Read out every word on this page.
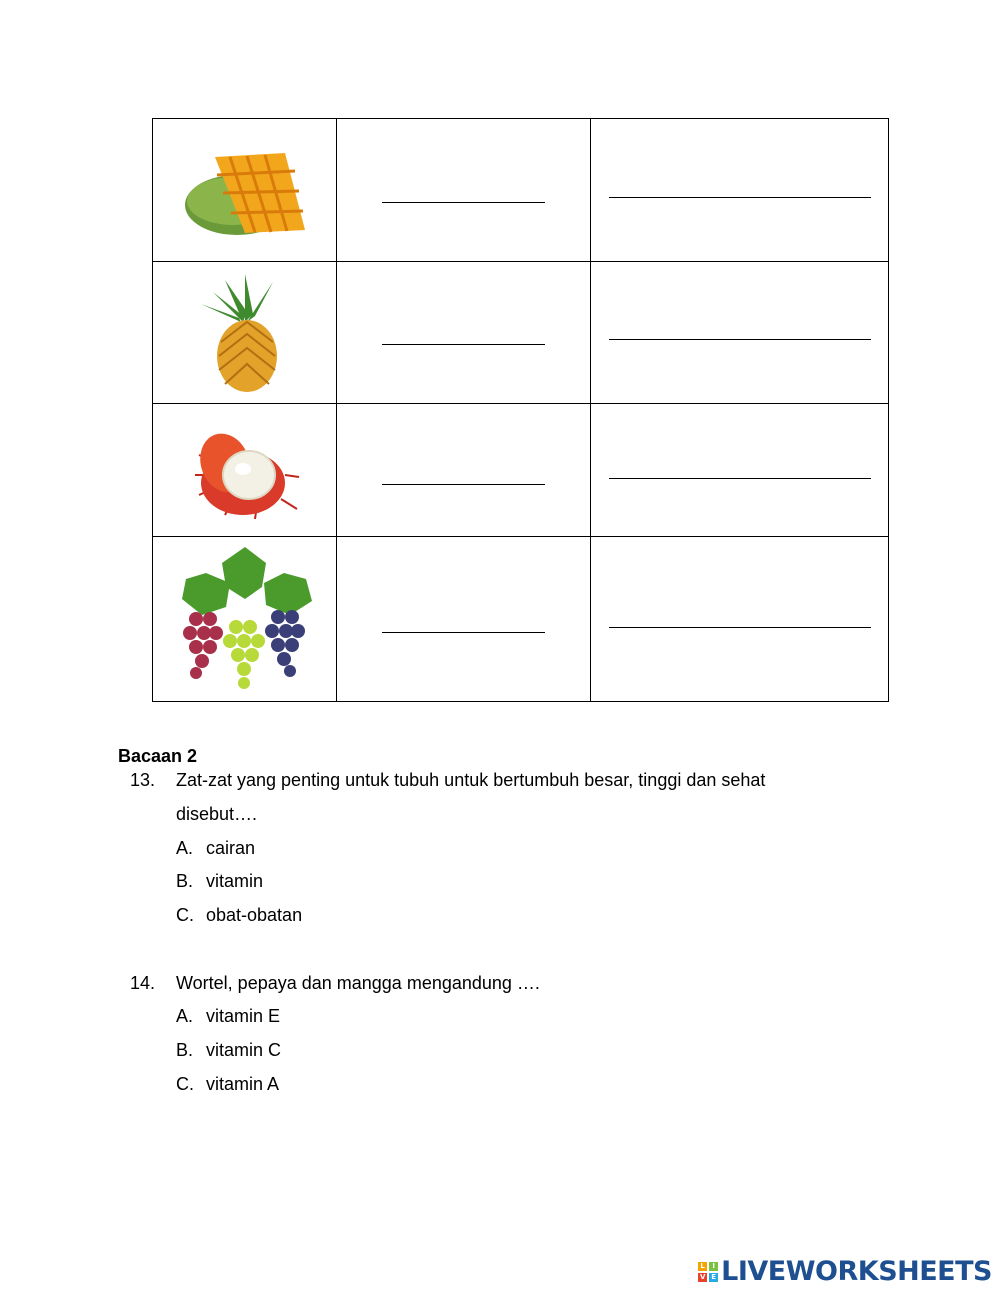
Bacaan 2
13. Zat-zat yang penting untuk tubuh untuk bertumbuh besar, tinggi dan sehat
disebut….
A. cairan
B. vitamin
C. obat-obatan
14. Wortel, pepaya dan mangga mengandung ….
A. vitamin E
B. vitamin C
C. vitamin A
L	I
V E LIVEWORKSHEETS
